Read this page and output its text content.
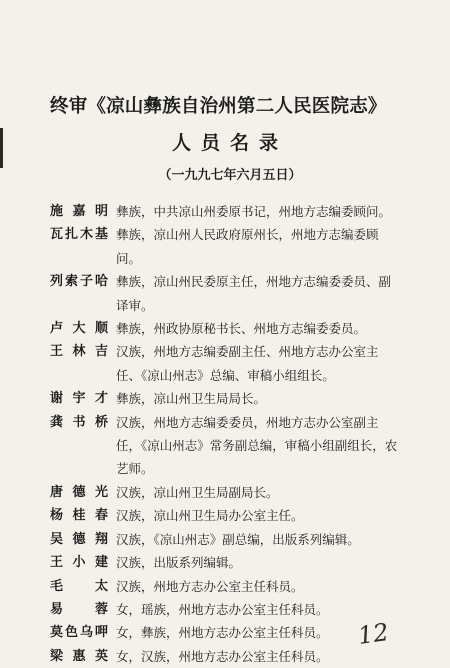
终审《凉山彝族自治州第二人民医院志》
人员名录
（一九九七年六月五日）
施嘉明 彝族，中共凉山州委原书记，州地方志编委顾问。
瓦扎木基 彝族，凉山州人民政府原州长，州地方志编委顾问。
列索子哈 彝族，凉山州民委原主任，州地方志编委委员、副译审。
卢大顺 彝族，州政协原秘书长、州地方志编委委员。
王林吉 汉族，州地方志编委副主任、州地方志办公室主任、《凉山州志》总编、审稿小组组长。
谢宇才 彝族，凉山州卫生局局长。
龚书桥 汉族，州地方志编委委员，州地方志办公室副主任，《凉山州志》常务副总编，审稿小组副组长，农艺师。
唐德光 汉族，凉山州卫生局副局长。
杨桂春 汉族，凉山州卫生局办公室主任。
吴德翔 汉族，《凉山州志》副总编，出版系列编辑。
王小建 汉族，出版系列编辑。
毛太 汉族，州地方志办公室主任科员。
易蓉 女，瑶族，州地方志办公室主任科员。
莫色乌呷 女，彝族，州地方志办公室主任科员。
梁惠英 女，汉族，州地方志办公室主任科员。
12
